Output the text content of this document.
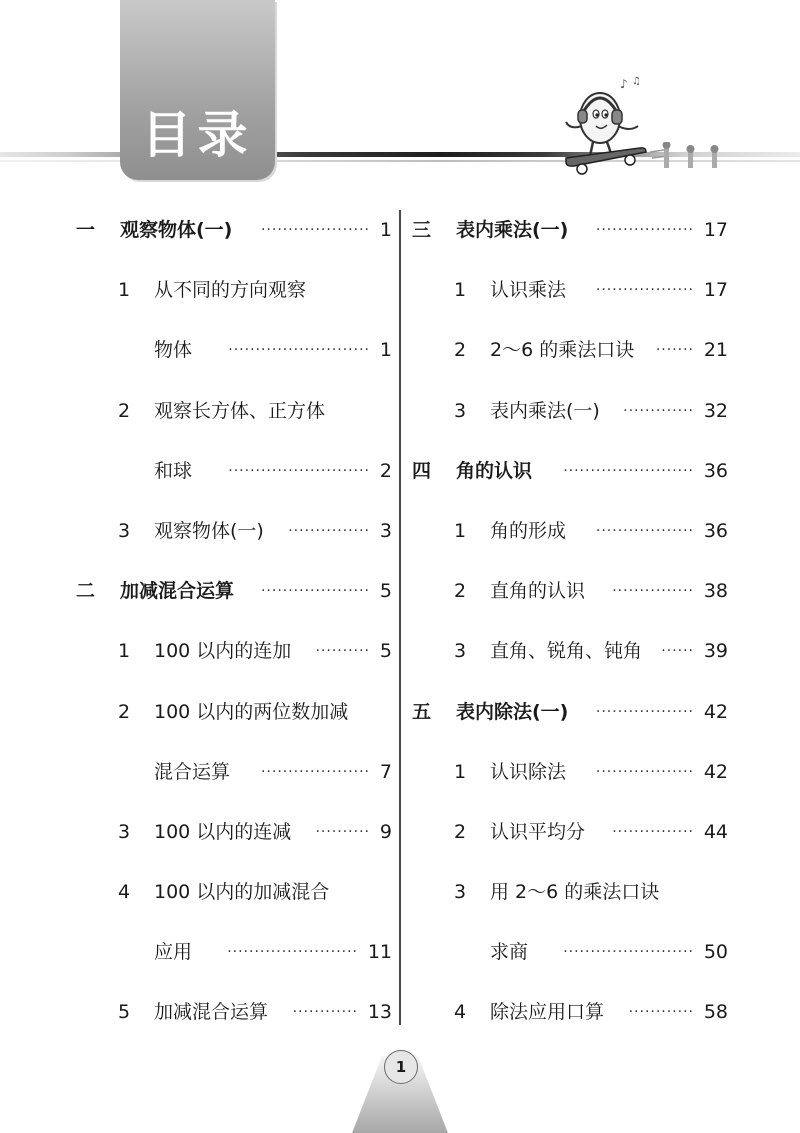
目录
♪ ♫
一 观察物体(一)	···················· 1
1 从不同的方向观察
物体	·························· 1
2 观察长方体、正方体
和球	·························· 2
3 观察物体(一)	··············· 3
二 加减混合运算	···················· 5
1 100 以内的连加	·········· 5
2 100 以内的两位数加减
混合运算	···················· 7
3 100 以内的连减	·········· 9
4 100 以内的加减混合
应用	························ 11
5 加减混合运算	············ 13
三 表内乘法(一)	·················· 17
1 认识乘法	·················· 17
2 2～6 的乘法口诀	······· 21
3 表内乘法(一)	············· 32
四 角的认识	························ 36
1 角的形成	·················· 36
2 直角的认识	··············· 38
3 直角、锐角、钝角	······ 39
五 表内除法(一)	·················· 42
1 认识除法	·················· 42
2 认识平均分	··············· 44
3 用 2～6 的乘法口诀
求商	························ 50
4 除法应用口算	············ 58
1
